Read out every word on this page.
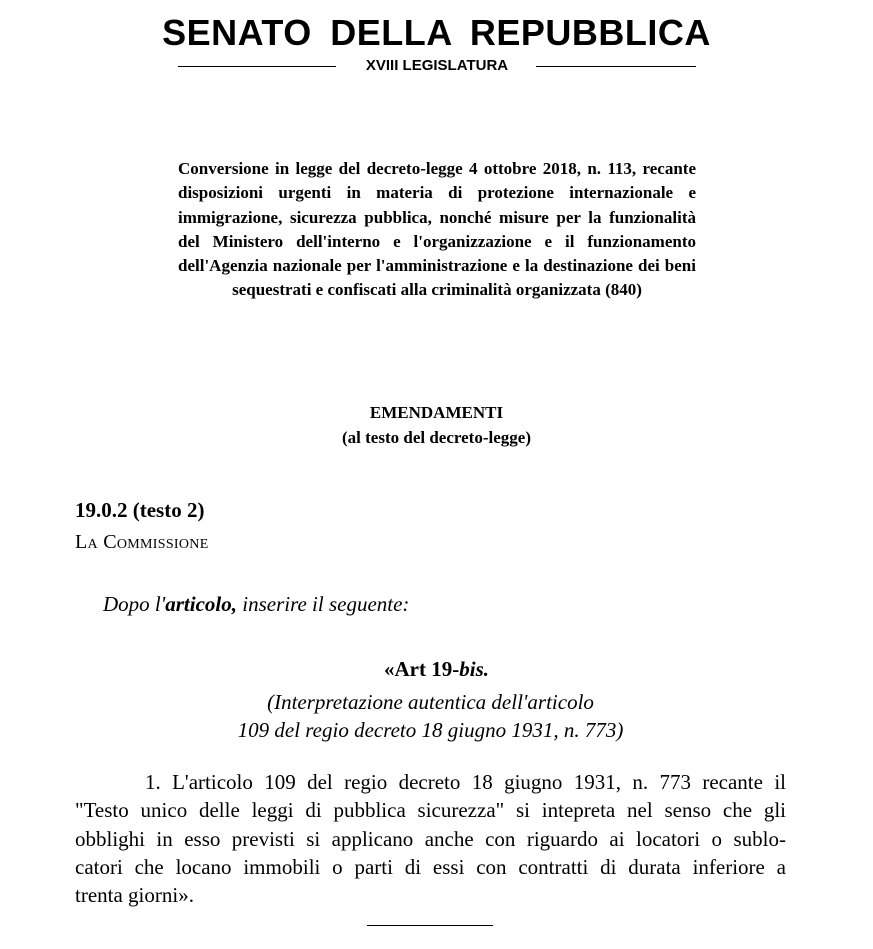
SENATO DELLA REPUBBLICA
XVIII LEGISLATURA
Conversione in legge del decreto-legge 4 ottobre 2018, n. 113, recante disposizioni urgenti in materia di protezione internazionale e immigrazione, sicurezza pubblica, nonché misure per la funzionalità del Ministero dell'interno e l'organizzazione e il funzionamento dell'Agenzia nazionale per l'amministrazione e la destinazione dei beni sequestrati e confiscati alla criminalità organizzata (840)
EMENDAMENTI
(al testo del decreto-legge)
19.0.2 (testo 2)
La Commissione
Dopo l'articolo, inserire il seguente:
«Art 19-bis.
(Interpretazione autentica dell'articolo
109 del regio decreto 18 giugno 1931, n. 773)
1. L'articolo 109 del regio decreto 18 giugno 1931, n. 773 recante il
"Testo unico delle leggi di pubblica sicurezza" si intepreta nel senso che gli
obblighi in esso previsti si applicano anche con riguardo ai locatori o sublo-
catori che locano immobili o parti di essi con contratti di durata inferiore a
trenta giorni».
